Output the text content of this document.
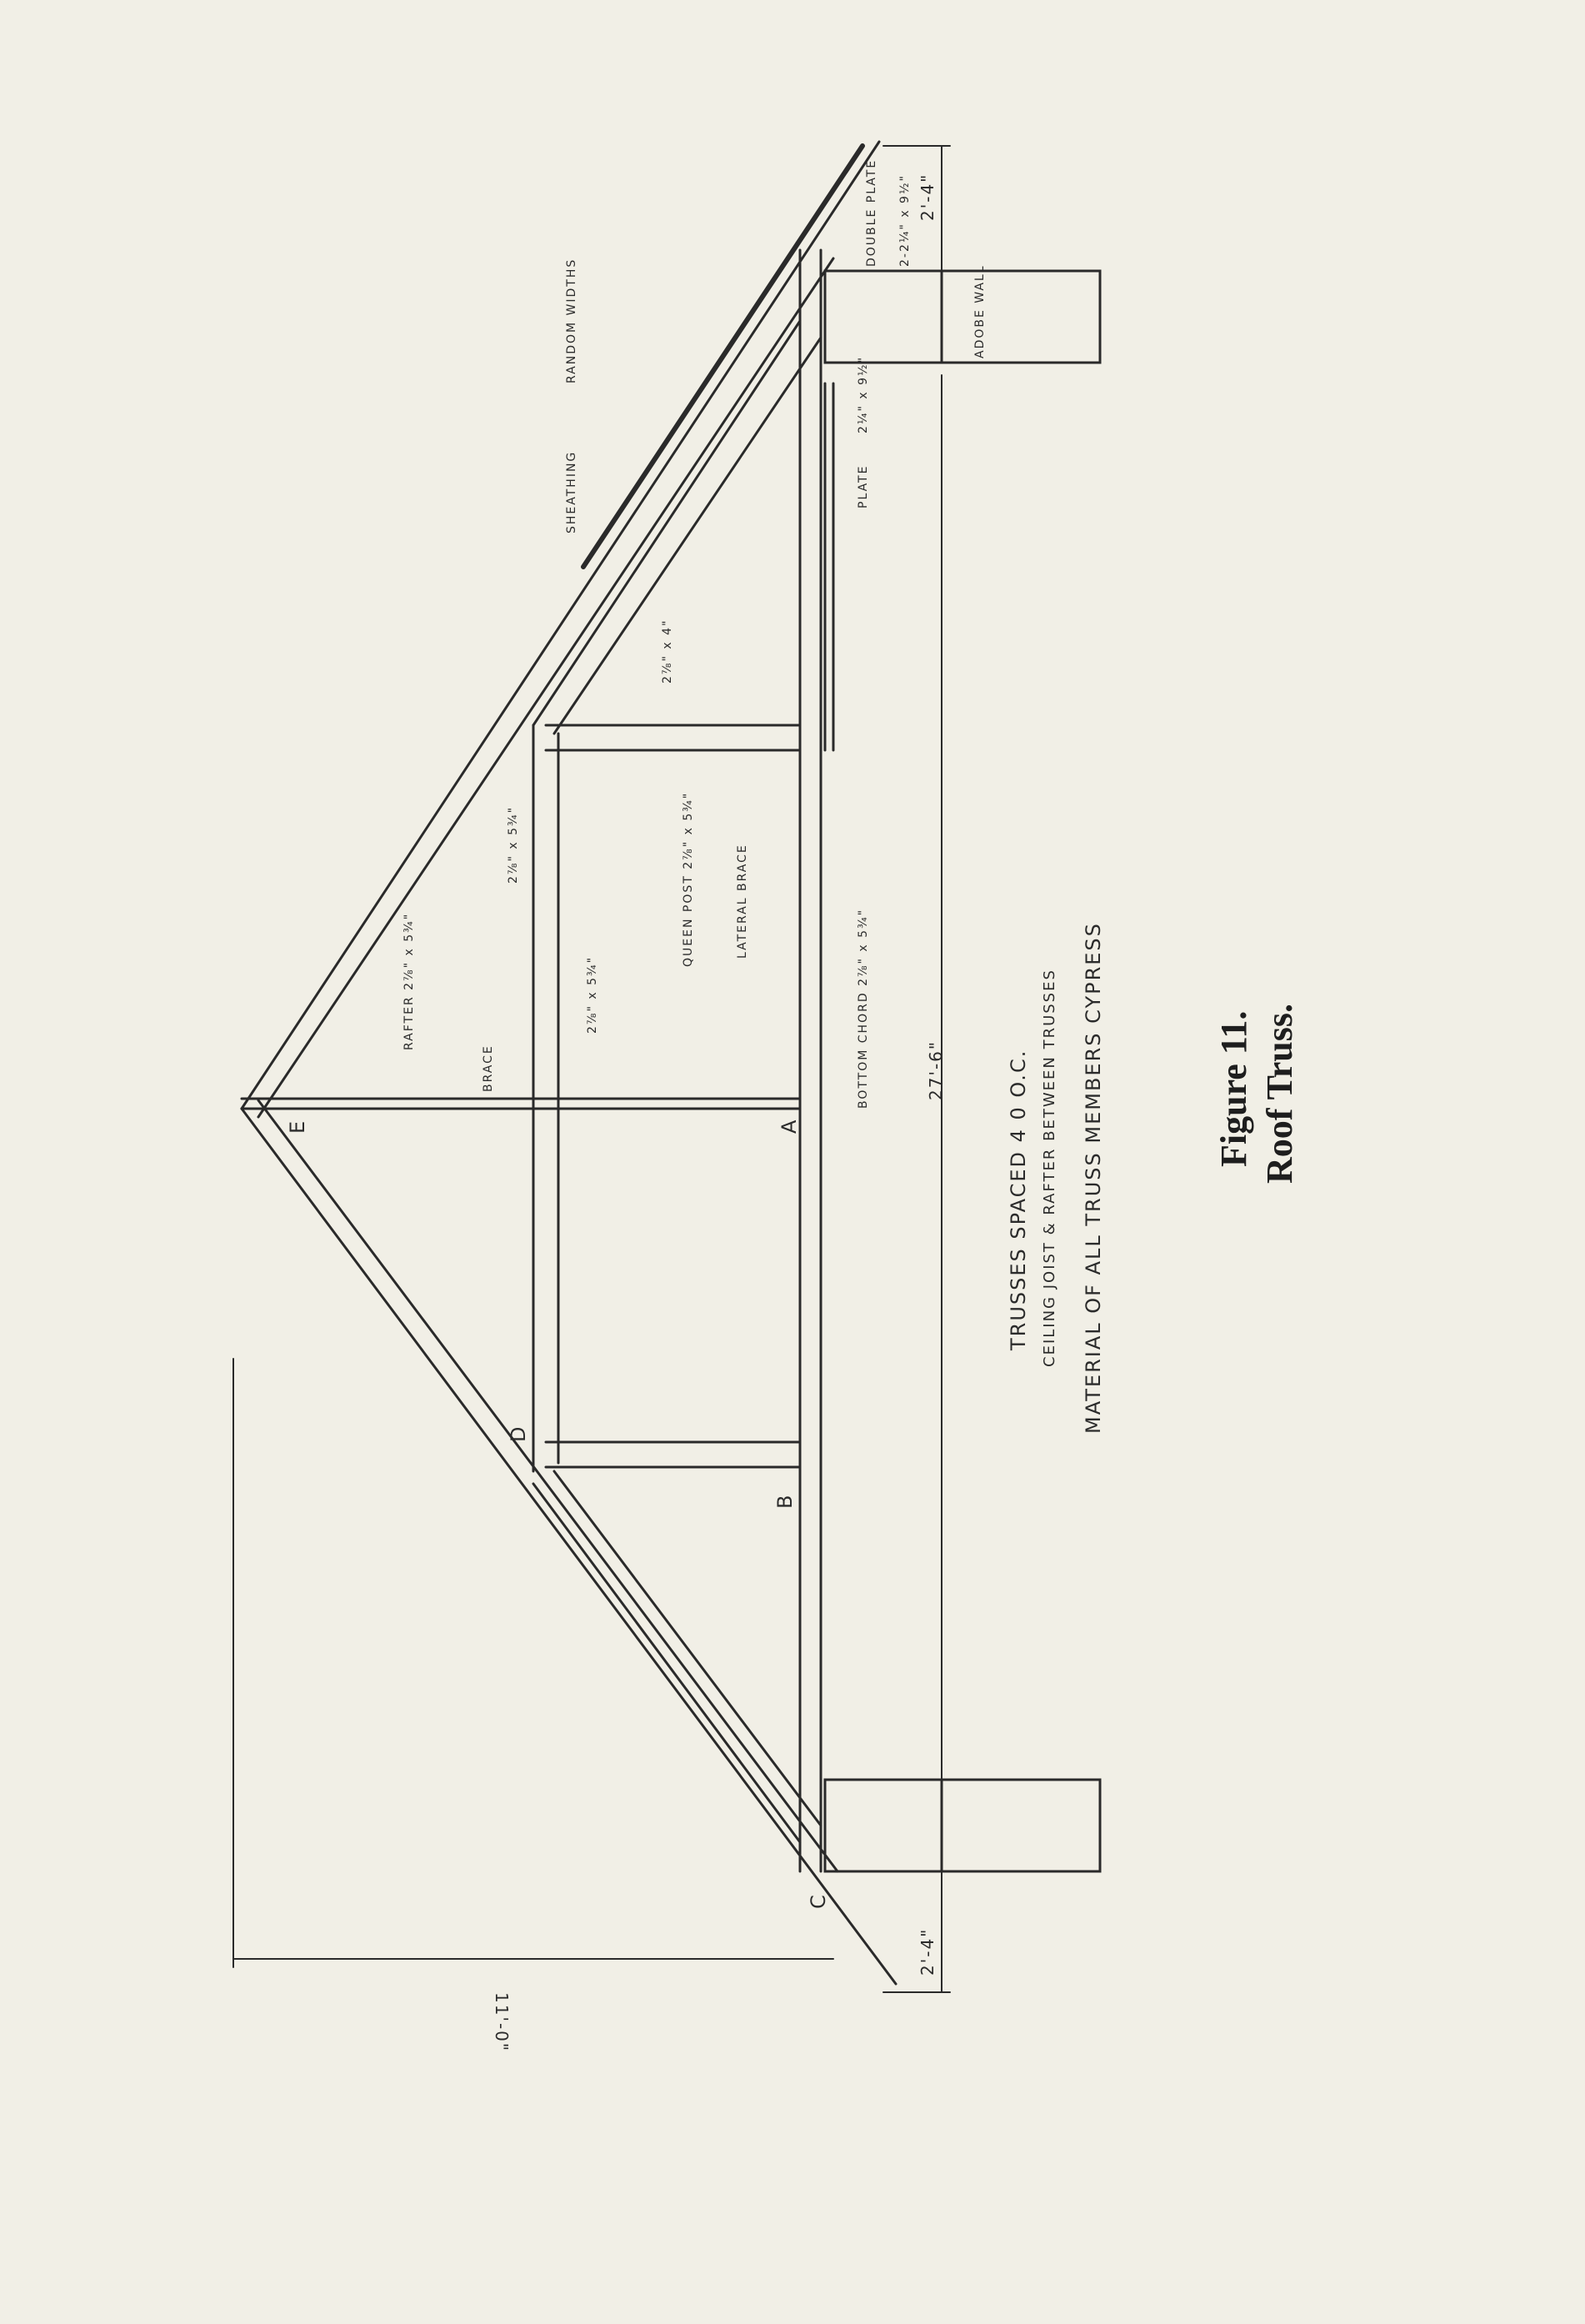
SHEATHING
RANDOM WIDTHS
DOUBLE PLATE 2-2¼" x 9½"
ADOBE WALL
PLATE
2¼" x 9½"
RAFTER 2⅞" x 5¾"
BRACE
2⅞" x 5¾"
2⅞" x 5¾"
2⅞" x 4"
QUEEN POST 2⅞" x 5¾"	LATERAL BRACE
BOTTOM CHORD 2⅞" x 5¾"
A
B
C
D
E
27'-6"
2'-4"
2'-4"
11'-0"
TRUSSES SPACED 4 0 O.C. CEILING JOIST & RAFTER BETWEEN TRUSSES MATERIAL OF ALL TRUSS MEMBERS CYPRESS	Figure 11. Roof Truss.
